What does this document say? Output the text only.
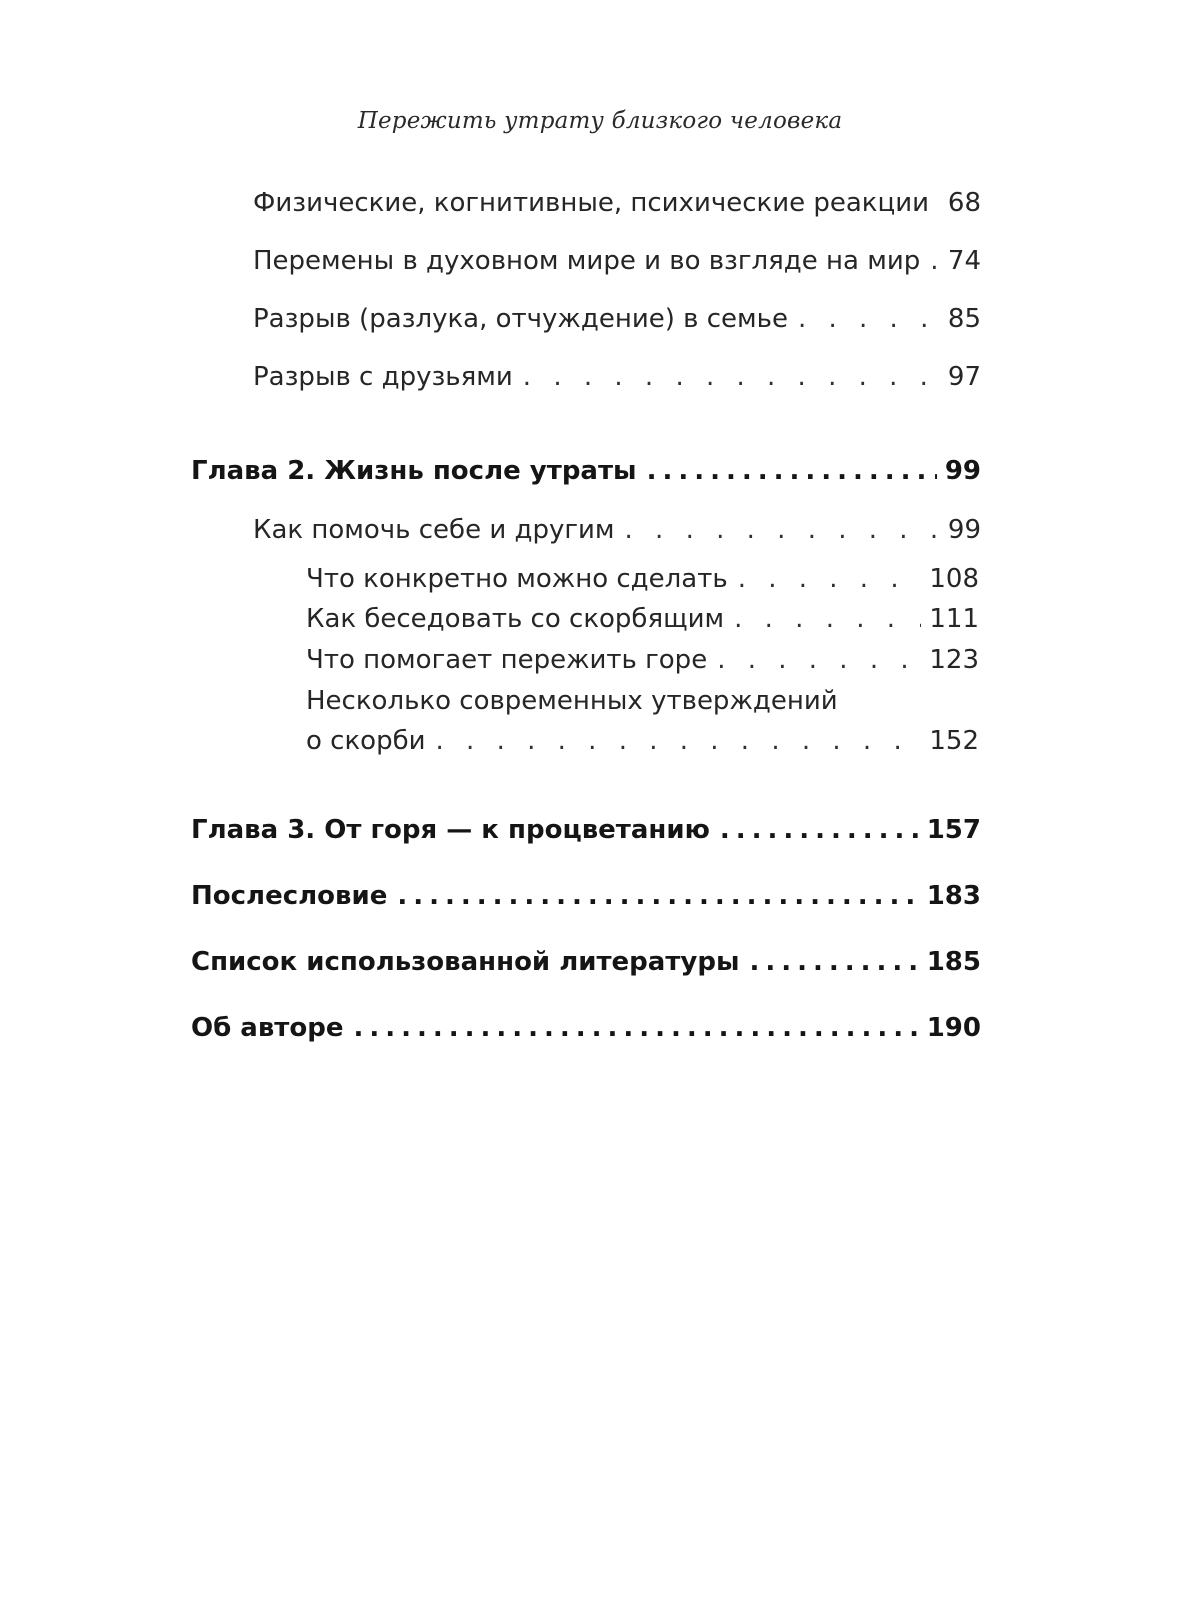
Пережить утрату близкого человека
Физические, когнитивные, психические реакции . . . 68
Перемены в духовном мире и во взгляде на мир . . . 74
Разрыв (разлука, отчуждение) в семье . . .	85
Разрыв с друзьями . . .	97
Глава 2. Жизнь после утраты .....	99
Как помочь себе и другим . . .	99
Что конкретно можно сделать . . .	108
Как беседовать со скорбящим . . .	111
Что помогает пережить горе . . .	123
Несколько современных утверждений
о скорби . . .	152
Глава 3. От горя — к процветанию .....	157
Послесловие .....	183
Список использованной литературы .....	185
Об авторе .....	190
